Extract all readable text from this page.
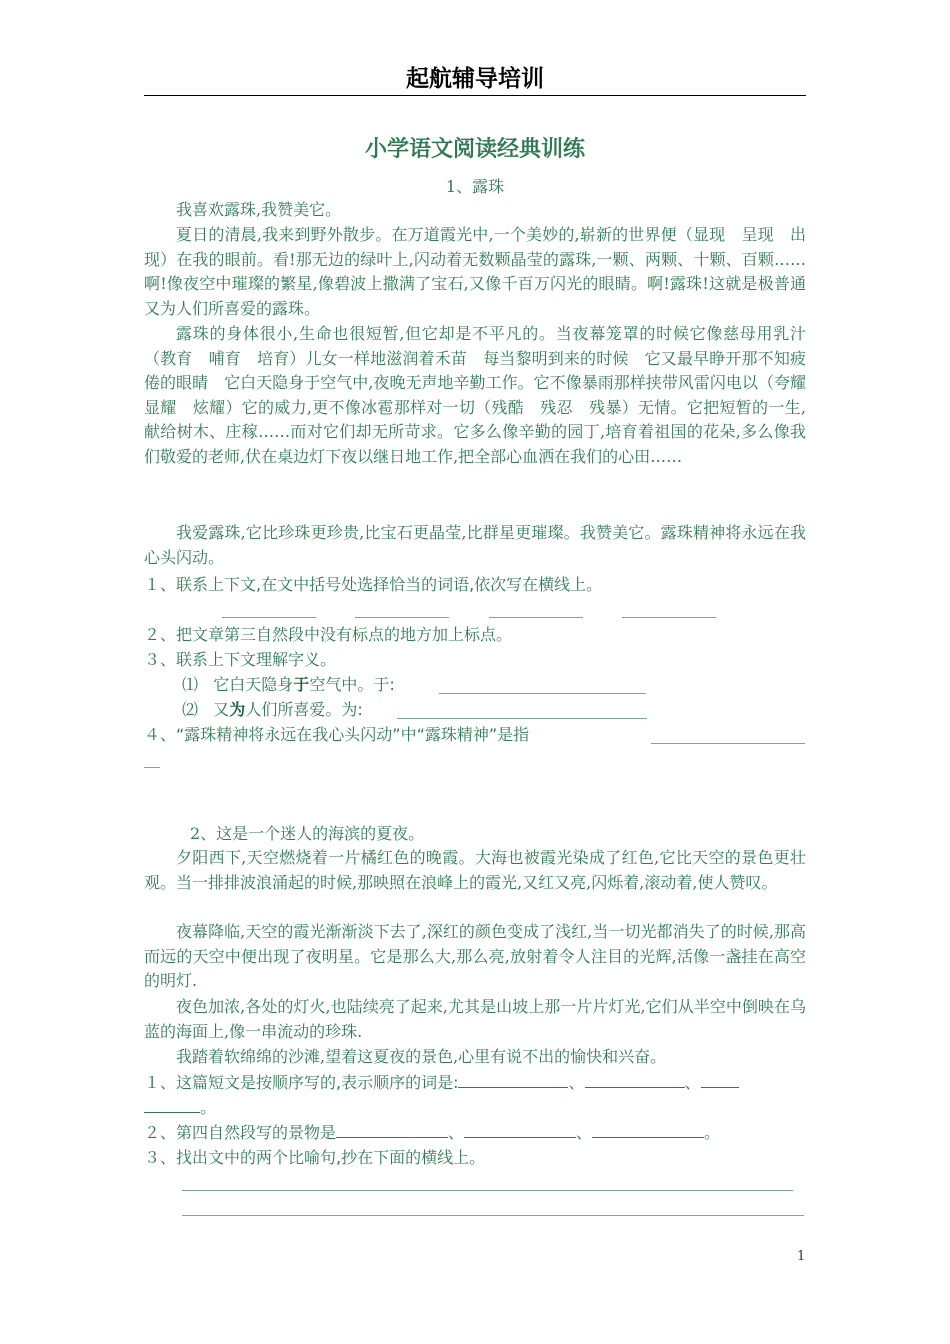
起航辅导培训
小学语文阅读经典训练
1、露珠

我喜欢露珠,我赞美它。

夏日的清晨,我来到野外散步。在万道霞光中,一个美妙的,崭新的世界便（显现　呈现　出现）在我的眼前。看!那无边的绿叶上,闪动着无数颗晶莹的露珠,一颗、两颗、十颗、百颗……啊!像夜空中璀璨的繁星,像碧波上撒满了宝石,又像千百万闪光的眼睛。啊!露珠!这就是极普通又为人们所喜爱的露珠。

露珠的身体很小,生命也很短暂,但它却是不平凡的。当夜幕笼罩的时候它像慈母用乳汁（教育　哺育　培育）儿女一样地滋润着禾苗　每当黎明到来的时候　它又最早睁开那不知疲倦的眼睛　它白天隐身于空气中,夜晚无声地辛勤工作。它不像暴雨那样挟带风雷闪电以（夸耀　显耀　炫耀）它的威力,更不像冰雹那样对一切（残酷　残忍　残暴）无情。它把短暂的一生,献给树木、庄稼……而对它们却无所苛求。它多么像辛勤的园丁,培育着祖国的花朵,多么像我们敬爱的老师,伏在桌边灯下夜以继日地工作,把全部心血洒在我们的心田……

我爱露珠,它比珍珠更珍贵,比宝石更晶莹,比群星更璀璨。我赞美它。露珠精神将永远在我心头闪动。

１、联系上下文,在文中括号处选择恰当的词语,依次写在横线上。
２、把文章第三自然段中没有标点的地方加上标点。
３、联系上下文理解字义。
⑴ 它白天隐身于空气中。于:
⑵ 又为人们所喜爱。为:
４、“露珠精神将永远在我心头闪动”中“露珠精神”是指
2、这是一个迷人的海滨的夏夜。

夕阳西下,天空燃烧着一片橘红色的晚霞。大海也被霞光染成了红色,它比天空的景色更壮观。当一排排波浪涌起的时候,那映照在浪峰上的霞光,又红又亮,闪烁着,滚动着,使人赞叹。

夜幕降临,天空的霞光渐渐淡下去了,深红的颜色变成了浅红,当一切光都消失了的时候,那高而远的天空中便出现了夜明星。它是那么大,那么亮,放射着令人注目的光辉,活像一盏挂在高空的明灯.

夜色加浓,各处的灯火,也陆续亮了起来,尤其是山坡上那一片片灯光,它们从半空中倒映在乌蓝的海面上,像一串流动的珍珠.

我踏着软绵绵的沙滩,望着这夏夜的景色,心里有说不出的愉快和兴奋。

１、这篇短文是按顺序写的,表示顺序的词是:	、	、
。
２、第四自然段写的景物是	、	、	。
３、找出文中的两个比喻句,抄在下面的横线上。
1
